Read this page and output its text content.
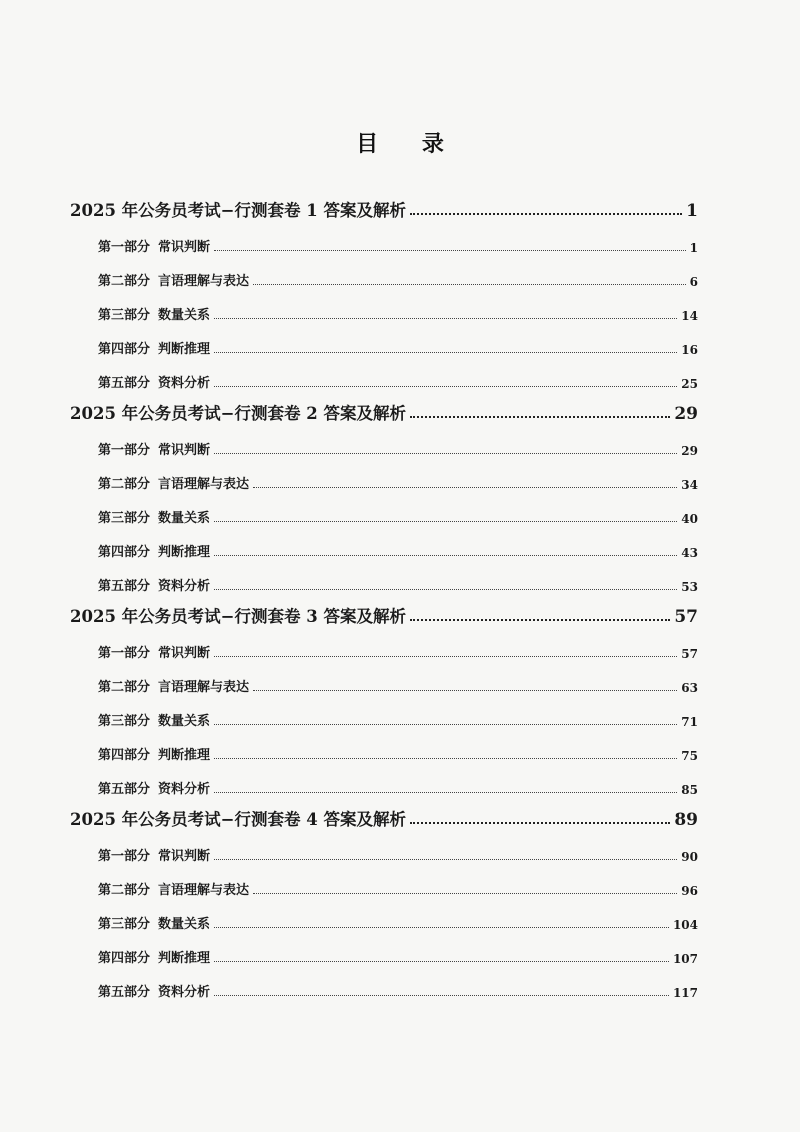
目 录
2025 年公务员考试−行测套卷 1 答案及解析	1
第一部分 常识判断	1
第二部分 言语理解与表达	6
第三部分 数量关系	14
第四部分 判断推理	16
第五部分 资料分析	25
2025 年公务员考试−行测套卷 2 答案及解析	29
第一部分 常识判断	29
第二部分 言语理解与表达	34
第三部分 数量关系	40
第四部分 判断推理	43
第五部分 资料分析	53
2025 年公务员考试−行测套卷 3 答案及解析	57
第一部分 常识判断	57
第二部分 言语理解与表达	63
第三部分 数量关系	71
第四部分 判断推理	75
第五部分 资料分析	85
2025 年公务员考试−行测套卷 4 答案及解析	89
第一部分 常识判断	90
第二部分 言语理解与表达	96
第三部分 数量关系	104
第四部分 判断推理	107
第五部分 资料分析	117
